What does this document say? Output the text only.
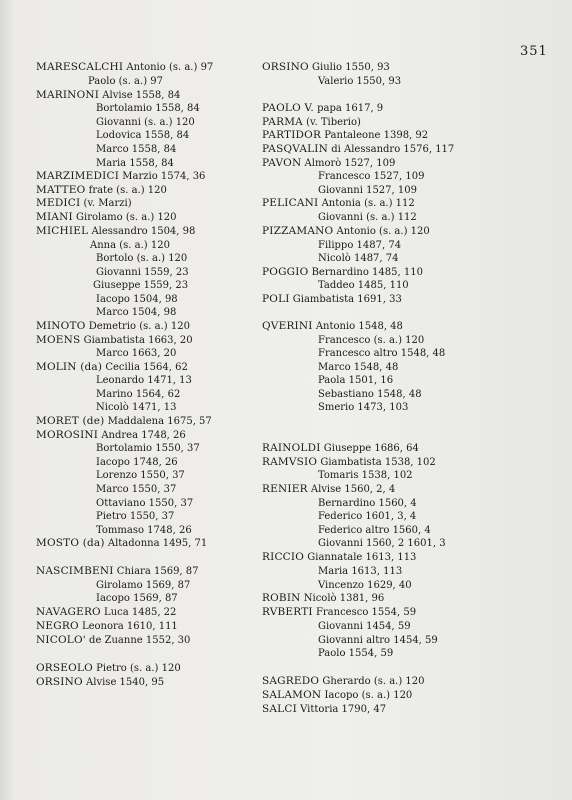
351
MARESCALCHI Antonio (s. a.) 97
Paolo (s. a.) 97
MARINONI Alvise 1558, 84
Bortolamio 1558, 84
Giovanni (s. a.) 120
Lodovica 1558, 84
Marco 1558, 84
Maria 1558, 84
MARZIMEDICI Marzio 1574, 36
MATTEO frate (s. a.) 120
MEDICI (v. Marzi)
MIANI Girolamo (s. a.) 120
MICHIEL Alessandro 1504, 98
Anna (s. a.) 120
Bortolo (s. a.) 120
Giovanni 1559, 23
Giuseppe 1559, 23
Iacopo 1504, 98
Marco 1504, 98
MINOTO Demetrio (s. a.) 120
MOENS Giambatista 1663, 20
Marco 1663, 20
MOLIN (da) Cecilia 1564, 62
Leonardo 1471, 13
Marino 1564, 62
Nicolò 1471, 13
MORET (de) Maddalena 1675, 57
MOROSINI Andrea 1748, 26
Bortolamio 1550, 37
Iacopo 1748, 26
Lorenzo 1550, 37
Marco 1550, 37
Ottaviano 1550, 37
Pietro 1550, 37
Tommaso 1748, 26
MOSTO (da) Altadonna 1495, 71
NASCIMBENI Chiara 1569, 87
Girolamo 1569, 87
Iacopo 1569, 87
NAVAGERO Luca 1485, 22
NEGRO Leonora 1610, 111
NICOLO' de Zuanne 1552, 30
ORSEOLO Pietro (s. a.) 120
ORSINO Alvise 1540, 95
ORSINO Giulio 1550, 93
Valerio 1550, 93
PAOLO V. papa 1617, 9
PARMA (v. Tiberio)
PARTIDOR Pantaleone 1398, 92
PASQVALIN di Alessandro 1576, 117
PAVON Almorò 1527, 109
Francesco 1527, 109
Giovanni 1527, 109
PELICANI Antonia (s. a.) 112
Giovanni (s. a.) 112
PIZZAMANO Antonio (s. a.) 120
Filippo 1487, 74
Nicolò 1487, 74
POGGIO Bernardino 1485, 110
Taddeo 1485, 110
POLI Giambatista 1691, 33
QVERINI Antonio 1548, 48
Francesco (s. a.) 120
Francesco altro 1548, 48
Marco 1548, 48
Paola 1501, 16
Sebastiano 1548, 48
Smerio 1473, 103
RAINOLDI Giuseppe 1686, 64
RAMVSIO Giambatista 1538, 102
Tomaris 1538, 102
RENIER Alvise 1560, 2, 4
Bernardino 1560, 4
Federico 1601, 3, 4
Federico altro 1560, 4
Giovanni 1560, 2 1601, 3
RICCIO Giannatale 1613, 113
Maria 1613, 113
Vincenzo 1629, 40
ROBIN Nicolò 1381, 96
RVBERTI Francesco 1554, 59
Giovanni 1454, 59
Giovanni altro 1454, 59
Paolo 1554, 59
SAGREDO Gherardo (s. a.) 120
SALAMON Iacopo (s. a.) 120
SALCI Vittoria 1790, 47
